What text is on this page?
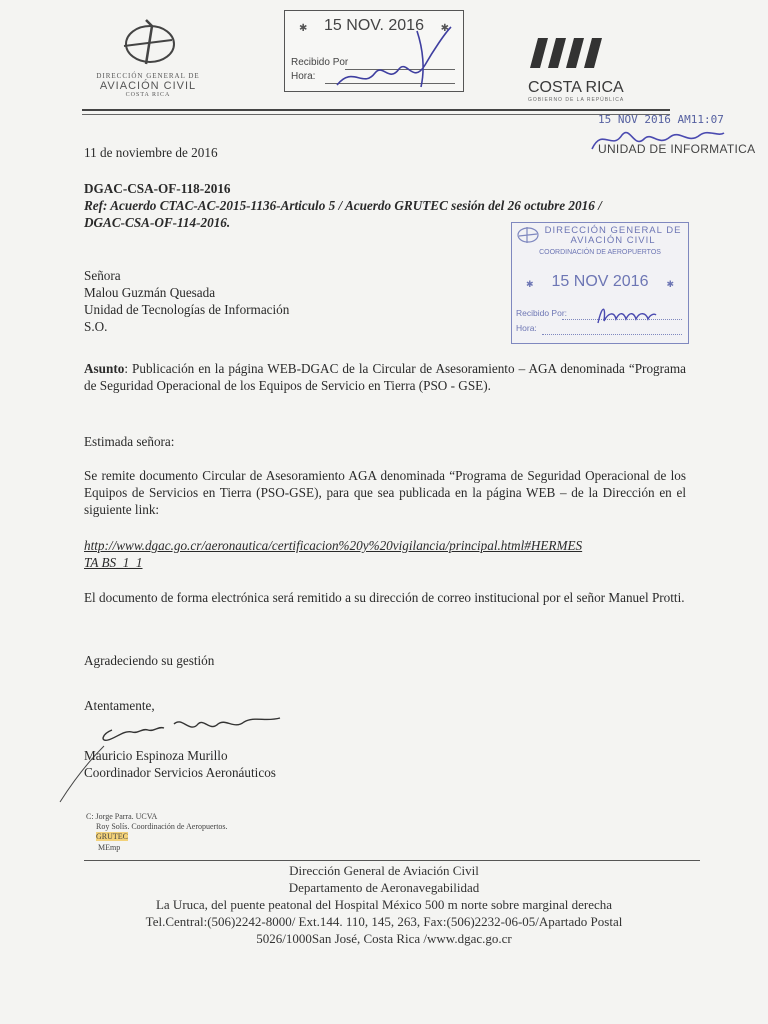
DIRECCIÓN GENERAL DE
AVIACIÓN CIVIL
COSTA RICA
✱	15 NOV. 2016	✱
Recibido Por
Hora:
COSTA RICA
GOBIERNO DE LA REPÚBLICA
15 NOV 2016 AM11:07
UNIDAD DE INFORMATICA
11 de noviembre de 2016
DGAC-CSA-OF-118-2016
Ref: Acuerdo CTAC-AC-2015-1136-Articulo 5 / Acuerdo GRUTEC sesión del 26 octubre 2016 /
DGAC-CSA-OF-114-2016.
DIRECCIÓN GENERAL DE AVIACIÓN CIVIL
COORDINACIÓN DE AEROPUERTOS
✱	15 NOV 2016	✱
Recibido Por:
Hora:
Señora
Malou Guzmán Quesada
Unidad de Tecnologías de Información
S.O.
Asunto: Publicación en la página WEB-DGAC de la Circular de Asesoramiento – AGA denominada “Programa de Seguridad Operacional de los Equipos de Servicio en Tierra (PSO - GSE).
Estimada señora:
Se remite documento Circular de Asesoramiento AGA denominada “Programa de Seguridad Operacional de los Equipos de Servicios en Tierra (PSO-GSE), para que sea publicada en la página WEB – de la Dirección en el siguiente link:
http://www.dgac.go.cr/aeronautica/certificacion%20y%20vigilancia/principal.html#HERMES
TA BS_1_1
El documento de forma electrónica será remitido a su dirección de correo institucional por el señor Manuel Protti.
Agradeciendo su gestión
Atentamente,
Mauricio Espinoza Murillo
Coordinador Servicios Aeronáuticos
C: Jorge Parra. UCVA
Roy Solís. Coordinación de Aeropuertos.
GRUTEC
MEmp
Dirección General de Aviación Civil
Departamento de Aeronavegabilidad
La Uruca, del puente peatonal del Hospital México 500 m norte sobre marginal derecha
Tel.Central:(506)2242-8000/ Ext.144. 110, 145, 263, Fax:(506)2232-06-05/Apartado Postal
5026/1000San José, Costa Rica /www.dgac.go.cr
